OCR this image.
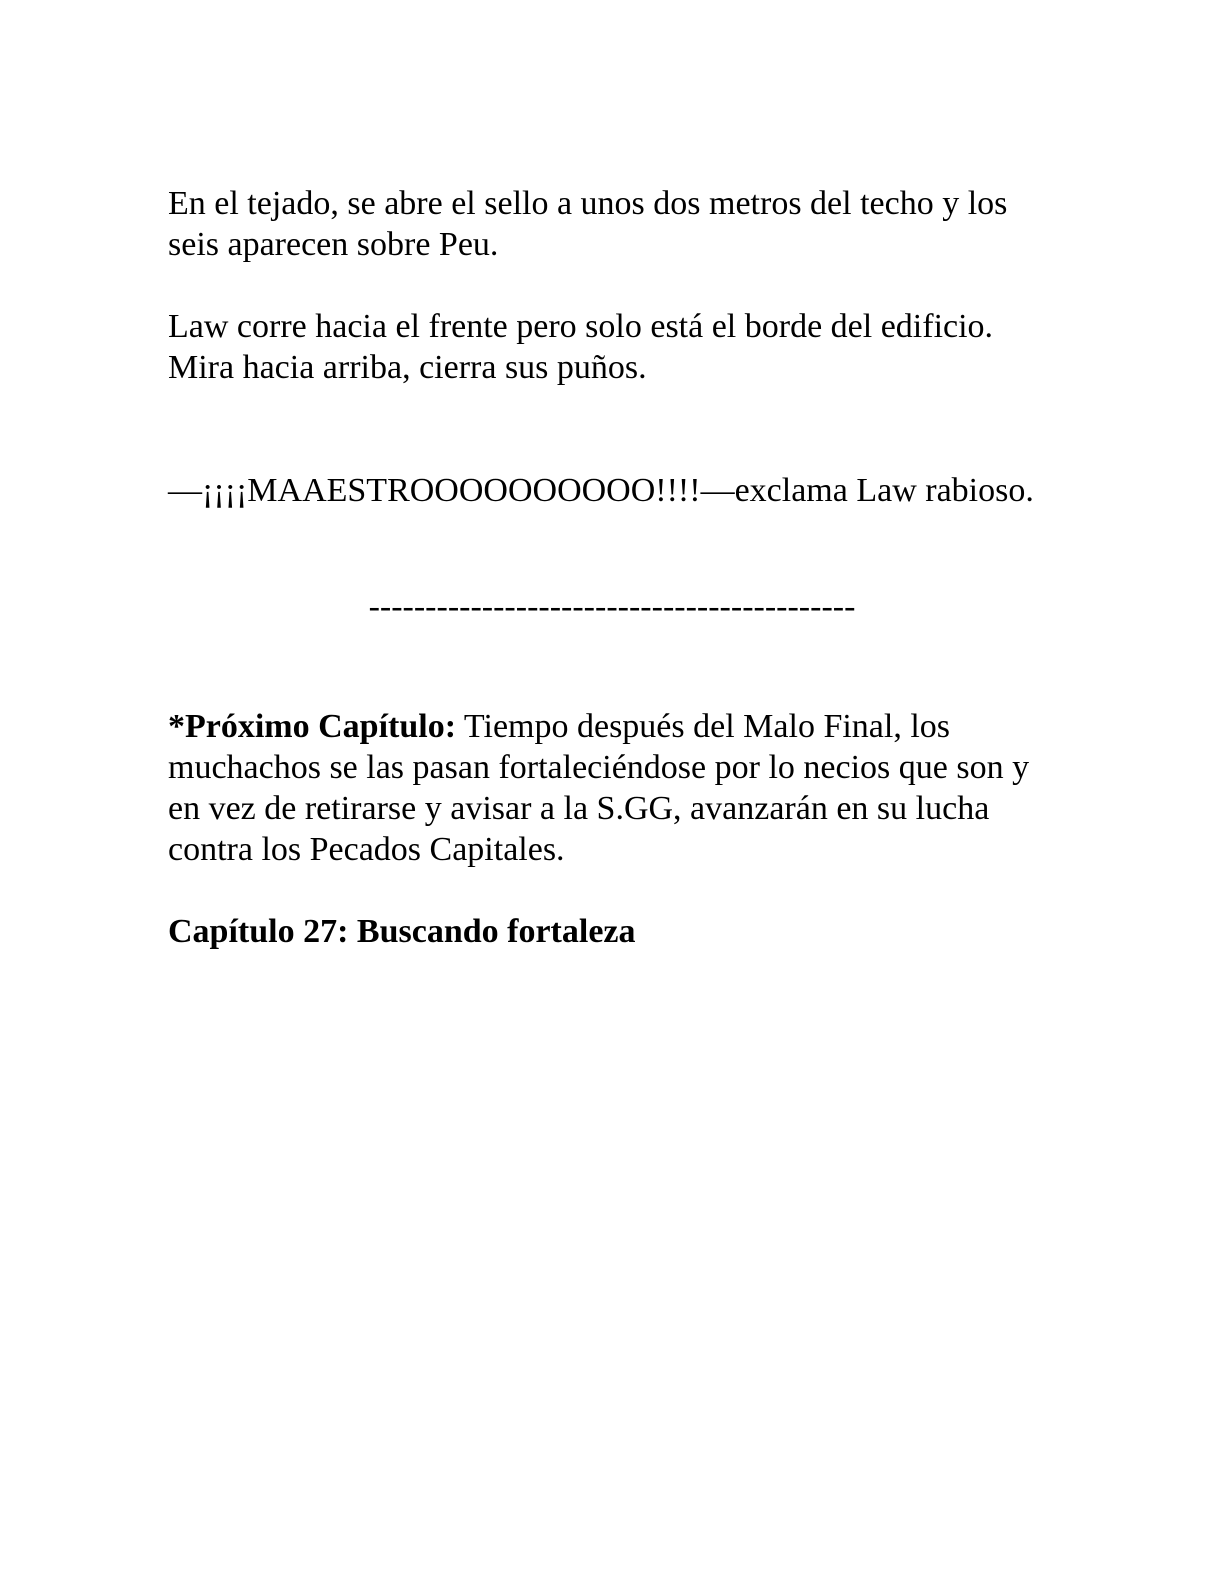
En el tejado, se abre el sello a unos dos metros del techo y los seis aparecen sobre Peu.

Law corre hacia el frente pero solo está el borde del edificio. Mira hacia arriba, cierra sus puños.

—¡¡¡¡MAAESTROOOOOOOOOO!!!!—exclama Law rabioso.

-------------------------------------------

*Próximo Capítulo: Tiempo después del Malo Final, los muchachos se las pasan fortaleciéndose por lo necios que son y en vez de retirarse y avisar a la S.GG, avanzarán en su lucha contra los Pecados Capitales.

Capítulo 27: Buscando fortaleza
